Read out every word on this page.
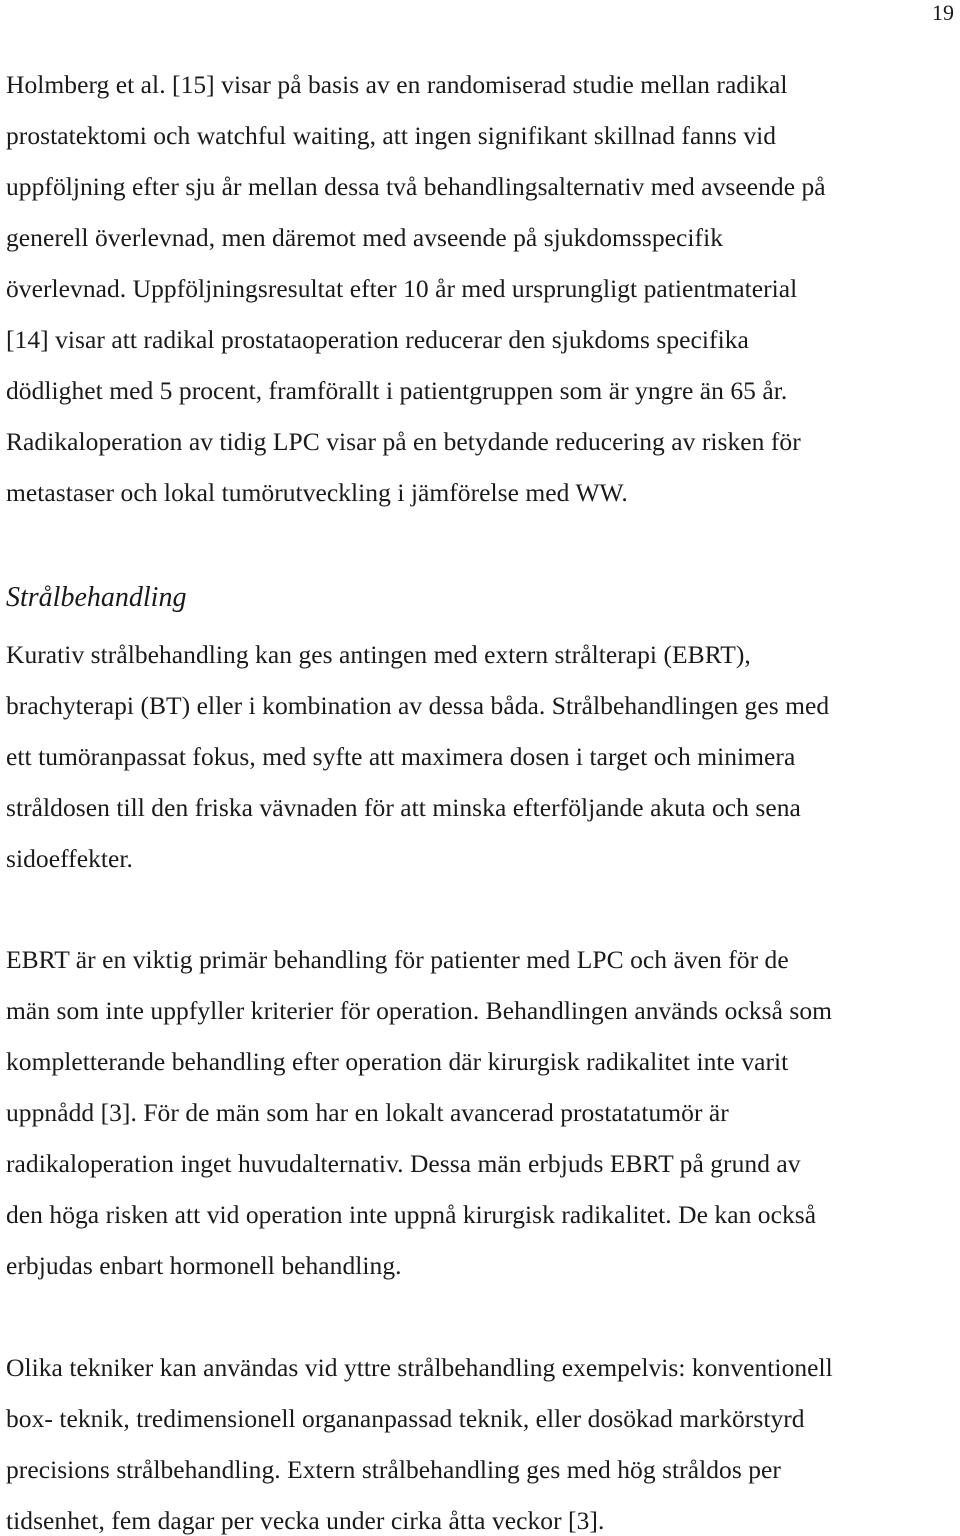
19
Holmberg et al. [15] visar på basis av en randomiserad studie mellan radikal
prostatektomi och watchful waiting, att ingen signifikant skillnad fanns vid
uppföljning efter sju år mellan dessa två behandlingsalternativ med avseende på
generell överlevnad, men däremot med avseende på sjukdomsspecifik
överlevnad. Uppföljningsresultat efter 10 år med ursprungligt patientmaterial
[14] visar att radikal prostataoperation reducerar den sjukdoms specifika
dödlighet med 5 procent, framförallt i patientgruppen som är yngre än 65 år.
Radikaloperation av tidig LPC visar på en betydande reducering av risken för
metastaser och lokal tumörutveckling i jämförelse med WW.
Strålbehandling
Kurativ strålbehandling kan ges antingen med extern strålterapi (EBRT),
brachyterapi (BT) eller i kombination av dessa båda. Strålbehandlingen ges med
ett tumöranpassat fokus, med syfte att maximera dosen i target och minimera
stråldosen till den friska vävnaden för att minska efterföljande akuta och sena
sidoeffekter.
EBRT är en viktig primär behandling för patienter med LPC och även för de
män som inte uppfyller kriterier för operation. Behandlingen används också som
kompletterande behandling efter operation där kirurgisk radikalitet inte varit
uppnådd [3]. För de män som har en lokalt avancerad prostatatumör är
radikaloperation inget huvudalternativ. Dessa män erbjuds EBRT på grund av
den höga risken att vid operation inte uppnå kirurgisk radikalitet. De kan också
erbjudas enbart hormonell behandling.
Olika tekniker kan användas vid yttre strålbehandling exempelvis: konventionell
box- teknik, tredimensionell organanpassad teknik, eller dosökad markörstyrd
precisions strålbehandling. Extern strålbehandling ges med hög stråldos per
tidsenhet, fem dagar per vecka under cirka åtta veckor [3].
